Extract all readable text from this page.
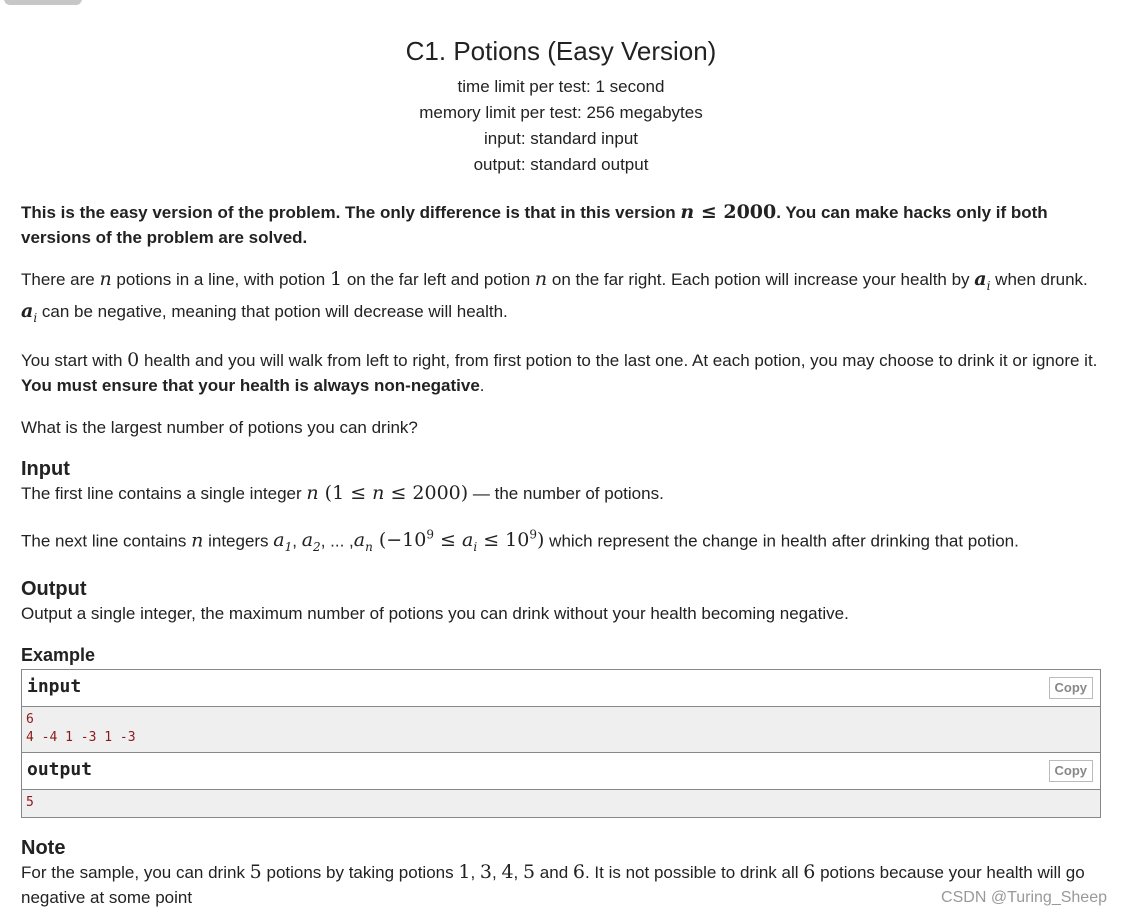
C1. Potions (Easy Version)
time limit per test: 1 second
memory limit per test: 256 megabytes
input: standard input
output: standard output

This is the easy version of the problem. The only difference is that in this version n ≤ 2000. You can make hacks only if both versions of the problem are solved.

There are n potions in a line, with potion 1 on the far left and potion n on the far right. Each potion will increase your health by $a_i$ when drunk. $a_i$ can be negative, meaning that potion will decrease will health.

You start with 0 health and you will walk from left to right, from first potion to the last one. At each potion, you may choose to drink it or ignore it. You must ensure that your health is always non-negative.

What is the largest number of potions you can drink?

Input

The first line contains a single integer n (1 ≤ n ≤ 2000) — the number of potions.

The next line contains n integers $a_1$, $a_2$, ... $,a_n$ $(-10^9 \le a_i \le 10^9)$ which represent the change in health after drinking that potion.

Output

Output a single integer, the maximum number of potions you can drink without your health becoming negative.

Example
input	Copy
6
4 -4 1 -3 1 -3
output	Copy
5
Note

For the sample, you can drink 5 potions by taking potions 1, 3, 4, 5 and 6. It is not possible to drink all 6 potions because your health will go negative at some point	CSDN @Turing_Sheep
